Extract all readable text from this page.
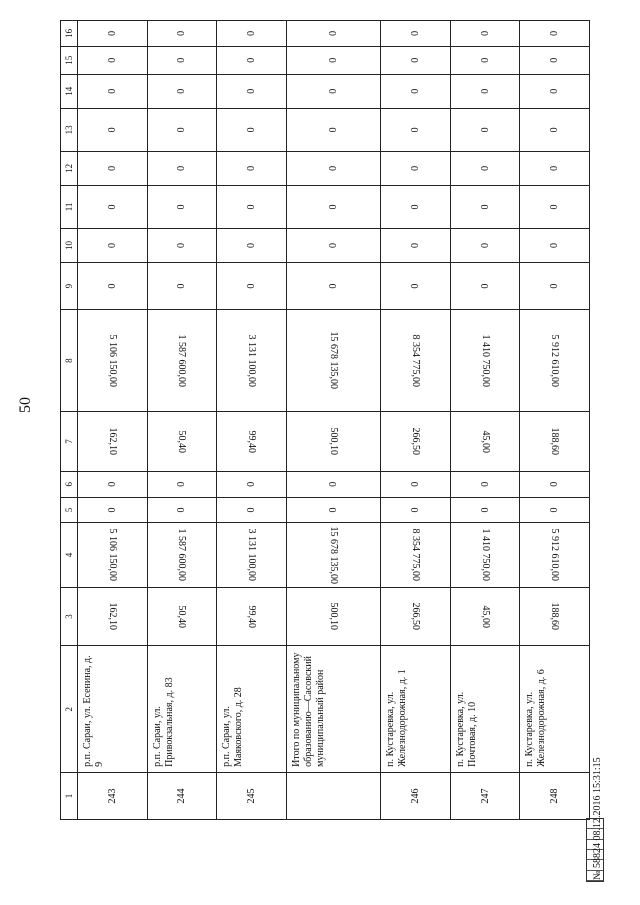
50
1	2	3	4	5	6	7	8	9	10	11	12	13	14	15	16
243	р.п. Сараи, ул. Есенина, д. 9	162,10	5 106 150,00	0	0	162,10	5 106 150,00	0	0	0	0	0	0	0	0
244	р.п. Сараи, ул. Привокзальная, д. 83	50,40	1 587 600,00	0	0	50,40	1 587 600,00	0	0	0	0	0	0	0	0
245	р.п. Сараи, ул. Маяковского, д. 28	99,40	3 131 100,00	0	0	99,40	3 131 100,00	0	0	0	0	0	0	0	0
	Итого по муниципальному образованию—Сасовский муниципальный район	500,10	15 678 135,00	0	0	500,10	15 678 135,00	0	0	0	0	0	0	0	0
246	п. Кустаревка, ул. Железнодорожная, д. 1	266,50	8 354 775,00	0	0	266,50	8 354 775,00	0	0	0	0	0	0	0	0
247	п. Кустаревка, ул. Почтовая, д. 10	45,00	1 410 750,00	0	0	45,00	1 410 750,00	0	0	0	0	0	0	0	0
248	п. Кустаревка, ул. Железнодорожная, д. 6	188,60	5 912 610,00	0	0	188,60	5 912 610,00	0	0	0	0	0	0	0	0
№ 58824 08.12.2016 15:31:15
